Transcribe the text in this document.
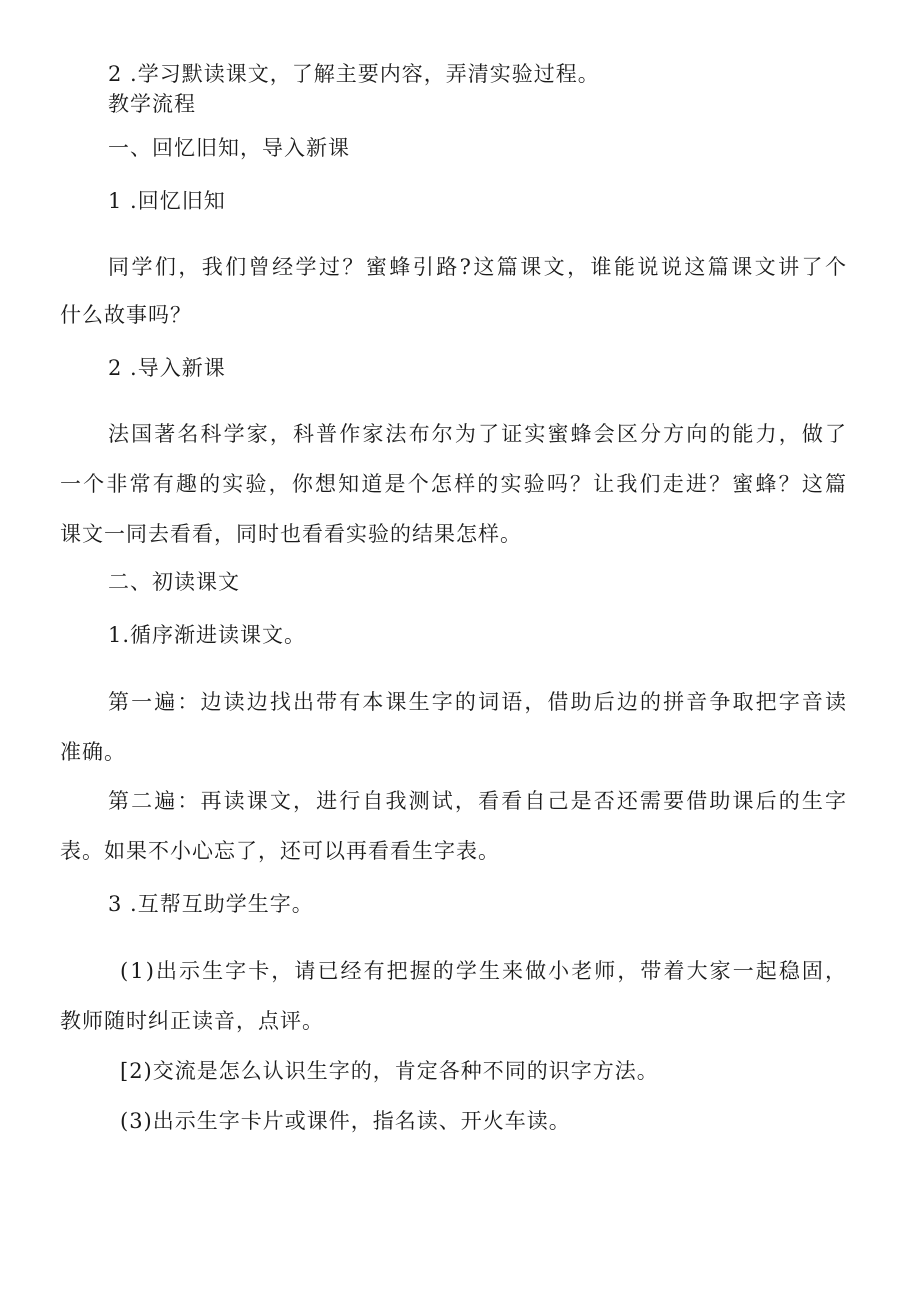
2 .学习默读课文，了解主要内容，弄清实验过程。
教学流程
一、回忆旧知，导入新课
1 .回忆旧知
同学们，我们曾经学过？蜜蜂引路?这篇课文，谁能说说这篇课文讲了个
什么故事吗？
2 .导入新课
法国著名科学家，科普作家法布尔为了证实蜜蜂会区分方向的能力，做了
一个非常有趣的实验，你想知道是个怎样的实验吗？让我们走进？蜜蜂？这篇
课文一同去看看，同时也看看实验的结果怎样。
二、初读课文
1.循序渐进读课文。
第一遍：边读边找出带有本课生字的词语，借助后边的拼音争取把字音读
准确。
第二遍：再读课文，进行自我测试，看看自己是否还需要借助课后的生字
表。如果不小心忘了，还可以再看看生字表。
3 .互帮互助学生字。
(1)出示生字卡，请已经有把握的学生来做小老师，带着大家一起稳固，
教师随时纠正读音，点评。
[2)交流是怎么认识生字的，肯定各种不同的识字方法。
(3)出示生字卡片或课件，指名读、开火车读。
